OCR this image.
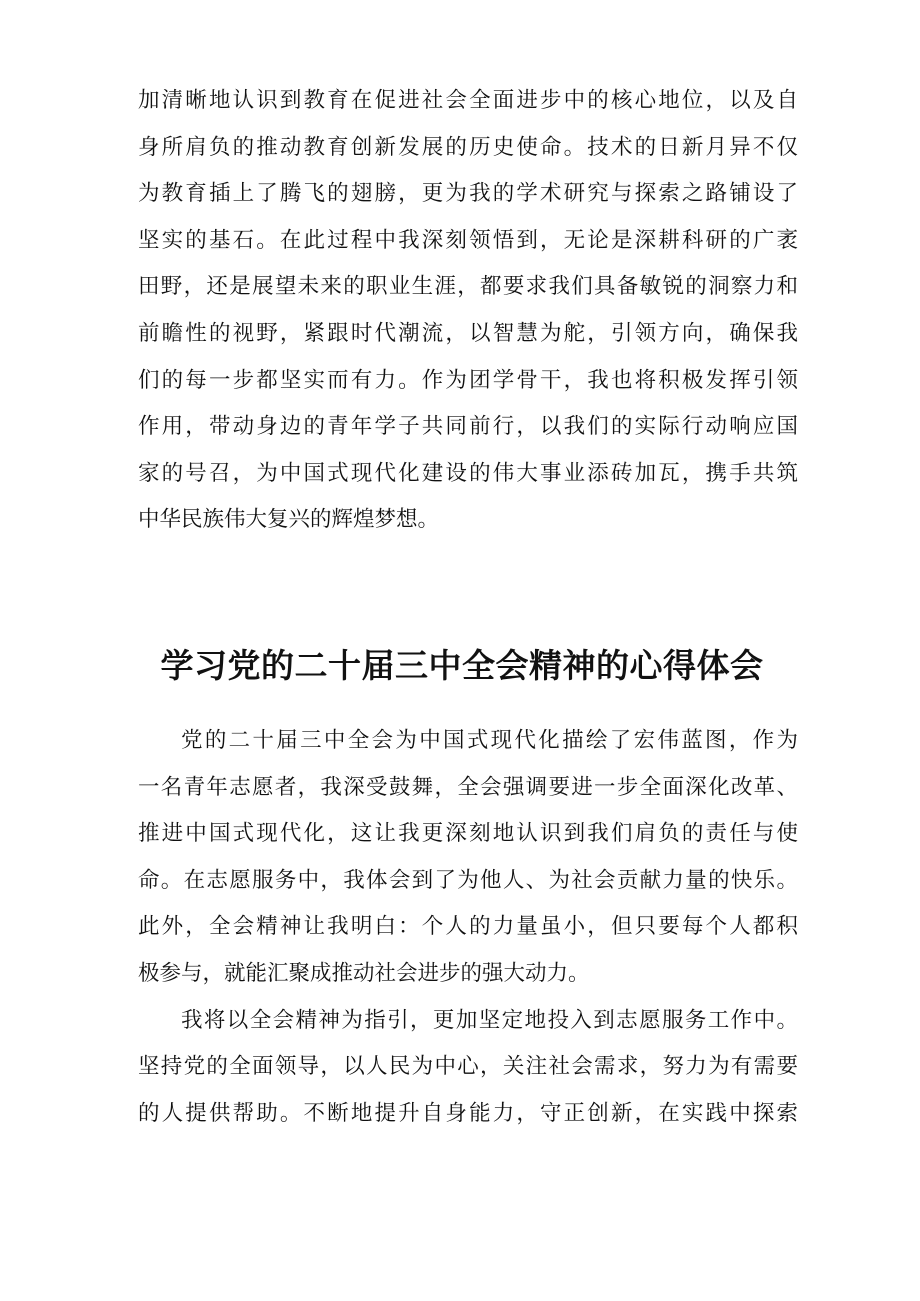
加清晰地认识到教育在促进社会全面进步中的核心地位，以及自
身所肩负的推动教育创新发展的历史使命。技术的日新月异不仅
为教育插上了腾飞的翅膀，更为我的学术研究与探索之路铺设了
坚实的基石。在此过程中我深刻领悟到，无论是深耕科研的广袤
田野，还是展望未来的职业生涯，都要求我们具备敏锐的洞察力和
前瞻性的视野，紧跟时代潮流，以智慧为舵，引领方向，确保我
们的每一步都坚实而有力。作为团学骨干，我也将积极发挥引领
作用，带动身边的青年学子共同前行，以我们的实际行动响应国
家的号召，为中国式现代化建设的伟大事业添砖加瓦，携手共筑
中华民族伟大复兴的辉煌梦想。
学习党的二十届三中全会精神的心得体会
党的二十届三中全会为中国式现代化描绘了宏伟蓝图，作为
一名青年志愿者，我深受鼓舞，全会强调要进一步全面深化改革、
推进中国式现代化，这让我更深刻地认识到我们肩负的责任与使
命。在志愿服务中，我体会到了为他人、为社会贡献力量的快乐。
此外，全会精神让我明白：个人的力量虽小，但只要每个人都积
极参与，就能汇聚成推动社会进步的强大动力。
我将以全会精神为指引，更加坚定地投入到志愿服务工作中。
坚持党的全面领导，以人民为中心，关注社会需求，努力为有需要
的人提供帮助。不断地提升自身能力，守正创新，在实践中探索
